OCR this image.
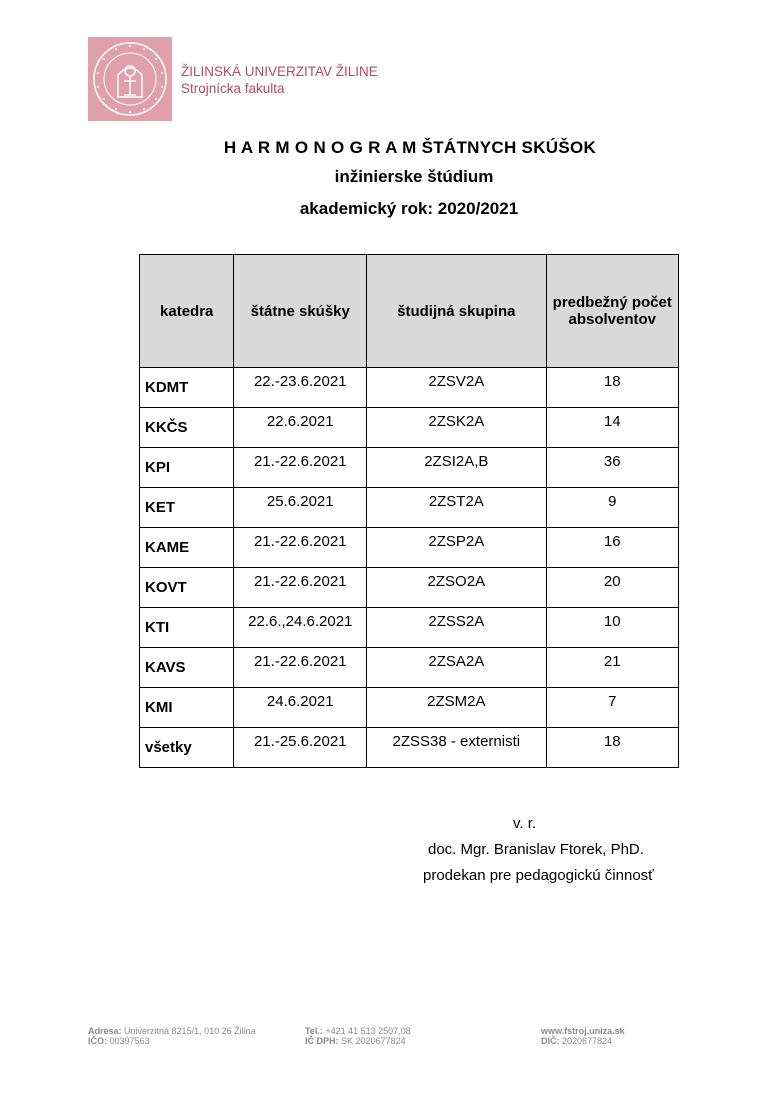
ŽILINSKÁ UNIVERZITAV ŽILINE
Strojnícka fakulta
H A R M O N O G R A M ŠTÁTNYCH SKÚŠOK
inžinierske štúdium
akademický rok: 2020/2021
katedra	štátne skúšky	študijná skupina	predbežný počet absolventov
KDMT	22.-23.6.2021	2ZSV2A	18
KKČS	22.6.2021	2ZSK2A	14
KPI	21.-22.6.2021	2ZSI2A,B	36
KET	25.6.2021	2ZST2A	9
KAME	21.-22.6.2021	2ZSP2A	16
KOVT	21.-22.6.2021	2ZSO2A	20
KTI	22.6.,24.6.2021	2ZSS2A	10
KAVS	21.-22.6.2021	2ZSA2A	21
KMI	24.6.2021	2ZSM2A	7
všetky	21.-25.6.2021	2ZSS38 - externisti	18
v. r.
doc. Mgr. Branislav Ftorek, PhD.
prodekan pre pedagogickú činnosť
Adresa: Univerzitná 8215/1, 010 26 Žilina
IČO: 00397563
Tel.: +421 41 513 2507,08
IČ DPH: SK 2020677824
www.fstroj.uniza.sk
DIČ: 2020677824
